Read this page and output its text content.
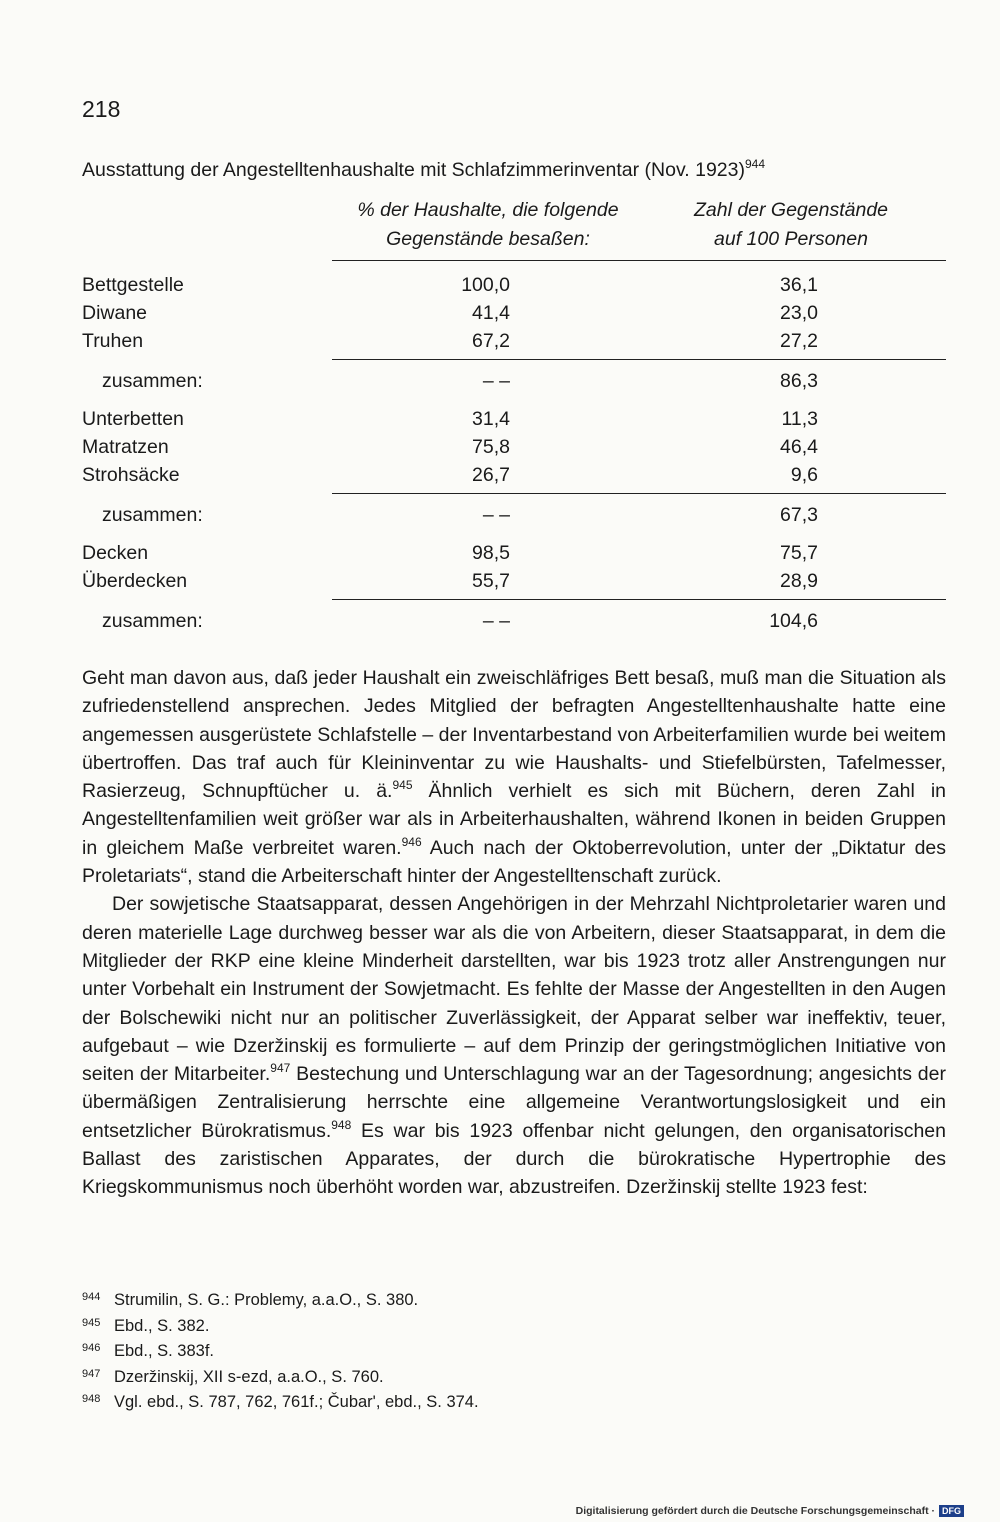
218
Ausstattung der Angestelltenhaushalte mit Schlafzimmerinventar (Nov. 1923)$^{944}$
% der Haushalte, die folgende
Gegenstände besaßen:
Zahl der Gegenstände
auf 100 Personen
Bettgestelle	100,0	36,1
Diwane	41,4	23,0
Truhen	67,2	27,2
zusammen:	– –	86,3
Unterbetten	31,4	11,3
Matratzen	75,8	46,4
Strohsäcke	26,7	9,6
zusammen:	– –	67,3
Decken	98,5	75,7
Überdecken	55,7	28,9
zusammen:	– –	104,6

Geht man davon aus, daß jeder Haushalt ein zweischläfriges Bett besaß, muß man die Situation als zufriedenstellend ansprechen. Jedes Mitglied der befragten Angestelltenhaushalte hatte eine angemessen ausgerüstete Schlafstelle – der Inventarbestand von Arbeiterfamilien wurde bei weitem übertroffen. Das traf auch für Kleininventar zu wie Haushalts- und Stiefelbürsten, Tafelmesser, Rasierzeug, Schnupftücher u. ä.$^{945}$ Ähnlich verhielt es sich mit Büchern, deren Zahl in Angestelltenfamilien weit größer war als in Arbeiterhaushalten, während Ikonen in beiden Gruppen in gleichem Maße verbreitet waren.$^{946}$ Auch nach der Oktoberrevolution, unter der „Diktatur des Proletariats“, stand die Arbeiterschaft hinter der Angestelltenschaft zurück.

Der sowjetische Staatsapparat, dessen Angehörigen in der Mehrzahl Nichtproletarier waren und deren materielle Lage durchweg besser war als die von Arbeitern, dieser Staatsapparat, in dem die Mitglieder der RKP eine kleine Minderheit darstellten, war bis 1923 trotz aller Anstrengungen nur unter Vorbehalt ein Instrument der Sowjetmacht. Es fehlte der Masse der Angestellten in den Augen der Bolschewiki nicht nur an politischer Zuverlässigkeit, der Apparat selber war ineffektiv, teuer, aufgebaut – wie Dzeržinskij es formulierte – auf dem Prinzip der geringstmöglichen Initiative von seiten der Mitarbeiter.$^{947}$ Bestechung und Unterschlagung war an der Tagesordnung; angesichts der übermäßigen Zentralisierung herrschte eine allgemeine Verantwortungslosigkeit und ein entsetzlicher Bürokratismus.$^{948}$ Es war bis 1923 offenbar nicht gelungen, den organisatorischen Ballast des zaristischen Apparates, der durch die bürokratische Hypertrophie des Kriegskommunismus noch überhöht worden war, abzustreifen. Dzeržinskij stellte 1923 fest:

944 Strumilin, S. G.: Problemy, a.a.O., S. 380.
945 Ebd., S. 382.
946 Ebd., S. 383f.
947 Dzeržinskij, XII s-ezd, a.a.O., S. 760.
948 Vgl. ebd., S. 787, 762, 761f.; Čubar', ebd., S. 374.
Digitalisierung gefördert durch die Deutsche Forschungsgemeinschaft · DFG
